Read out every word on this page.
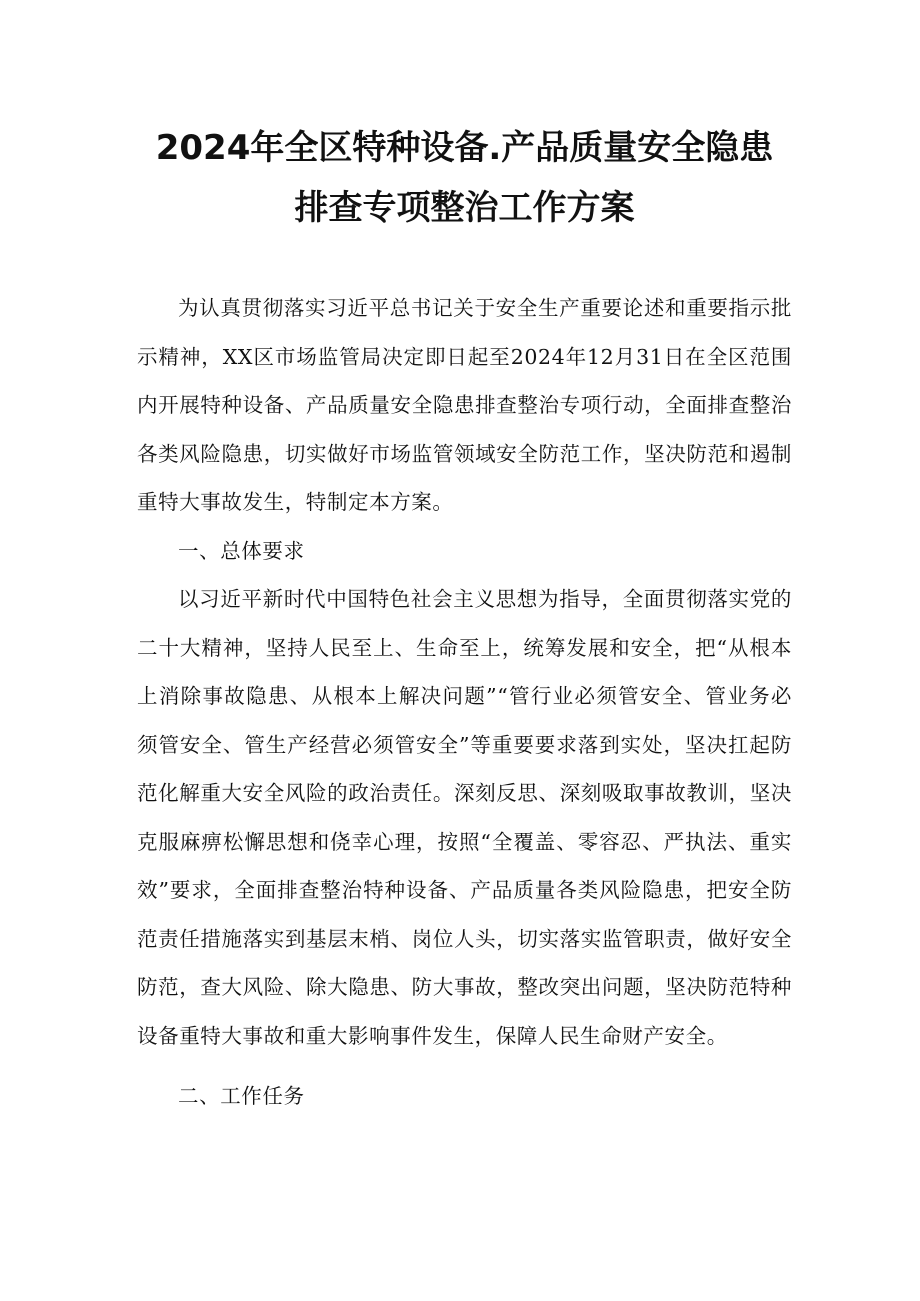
2024年全区特种设备.产品质量安全隐患
排查专项整治工作方案

为认真贯彻落实习近平总书记关于安全生产重要论述和重要指示批示精神，XX区市场监管局决定即日起至2024年12月31日在全区范围内开展特种设备、产品质量安全隐患排查整治专项行动，全面排查整治各类风险隐患，切实做好市场监管领域安全防范工作，坚决防范和遏制重特大事故发生，特制定本方案。

一、总体要求

以习近平新时代中国特色社会主义思想为指导，全面贯彻落实党的二十大精神，坚持人民至上、生命至上，统筹发展和安全，把“从根本上消除事故隐患、从根本上解决问题”“管行业必须管安全、管业务必须管安全、管生产经营必须管安全”等重要要求落到实处，坚决扛起防范化解重大安全风险的政治责任。深刻反思、深刻吸取事故教训，坚决克服麻痹松懈思想和侥幸心理，按照“全覆盖、零容忍、严执法、重实效”要求，全面排查整治特种设备、产品质量各类风险隐患，把安全防范责任措施落实到基层末梢、岗位人头，切实落实监管职责，做好安全防范，查大风险、除大隐患、防大事故，整改突出问题，坚决防范特种设备重特大事故和重大影响事件发生，保障人民生命财产安全。

二、工作任务
